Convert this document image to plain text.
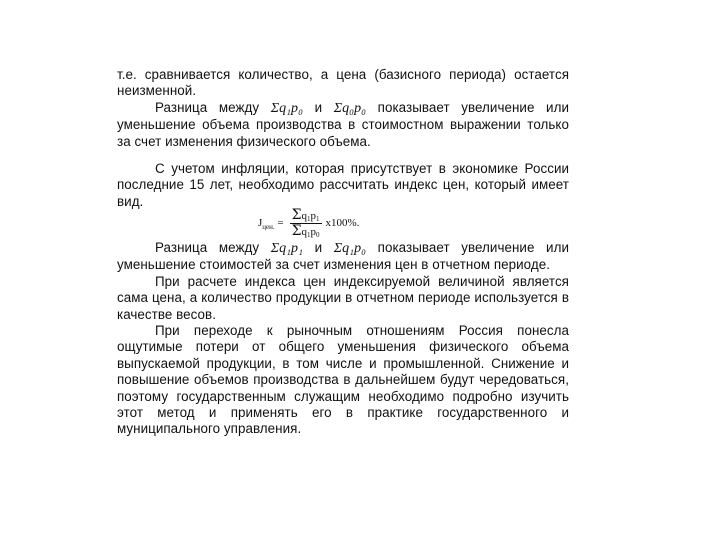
т.е. сравнивается количество, а цена (базисного периода) остается неизменной.

Разница между Σq₁p₀ и Σq₀p₀ показывает увеличение или уменьшение объема производства в стоимостном выражении только за счет изменения физического объема.

С учетом инфляции, которая присутствует в экономике России последние 15 лет, необходимо рассчитать индекс цен, который имеет вид.

$J_{цен.} = \frac{\Sigma q_1p_1}{\Sigma q_1p_0} х100\%$.

Разница между Σq₁p₁ и Σq₁p₀ показывает увеличение или уменьшение стоимостей за счет изменения цен в отчетном периоде.

При расчете индекса цен индексируемой величиной является сама цена, а количество продукции в отчетном периоде используется в качестве весов.

При переходе к рыночным отношениям Россия понесла ощутимые потери от общего уменьшения физического объема выпускаемой продукции, в том числе и промышленной. Снижение и повышение объемов производства в дальнейшем будут чередоваться, поэтому государственным служащим необходимо подробно изучить этот метод и применять его в практике государственного и муниципального управления.
